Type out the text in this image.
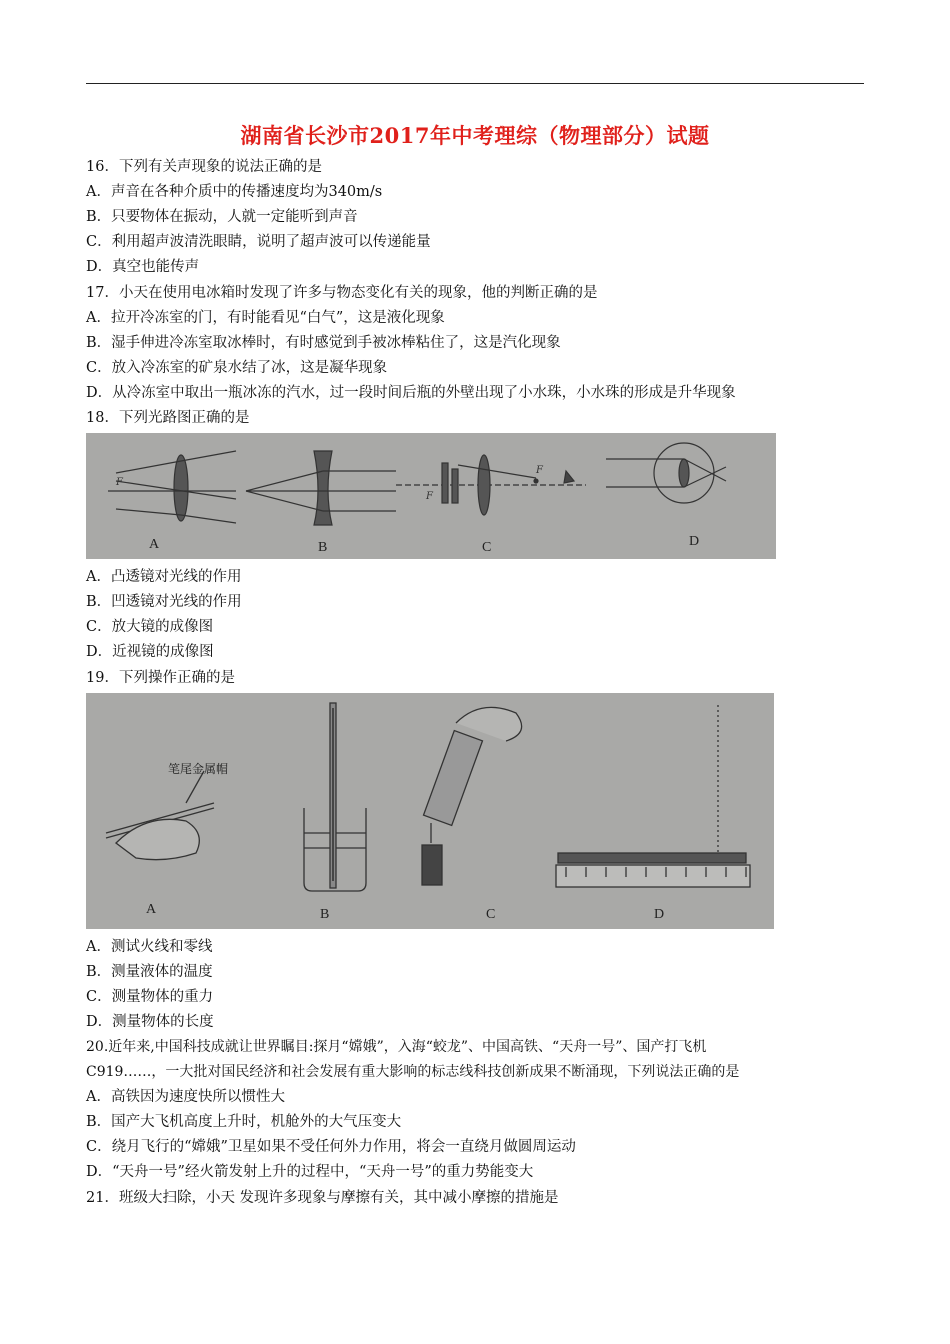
湖南省长沙市2017年中考理综（物理部分）试题
16．下列有关声现象的说法正确的是
A．声音在各种介质中的传播速度均为340m/s
B．只要物体在振动，人就一定能听到声音
C．利用超声波清洗眼睛，说明了超声波可以传递能量
D．真空也能传声
17．小天在使用电冰箱时发现了许多与物态变化有关的现象，他的判断正确的是
A．拉开冷冻室的门，有时能看见“白气”，这是液化现象
B．湿手伸进冷冻室取冰棒时，有时感觉到手被冰棒粘住了，这是汽化现象
C．放入冷冻室的矿泉水结了冰，这是凝华现象
D．从冷冻室中取出一瓶冰冻的汽水，过一段时间后瓶的外壁出现了小水珠，小水珠的形成是升华现象
18．下列光路图正确的是
F
A	B
F
F
C	D
A．凸透镜对光线的作用
B．凹透镜对光线的作用
C．放大镜的成像图
D．近视镜的成像图
19．下列操作正确的是
笔尾金属帽
A	B	C	D
A．测试火线和零线
B．测量液体的温度
C．测量物体的重力
D．测量物体的长度
20.近年来,中国科技成就让世界瞩目:探月“嫦娥”，入海“蛟龙”、中国高铁、“天舟一号”、国产打飞机
C919……，一大批对国民经济和社会发展有重大影响的标志线科技创新成果不断涌现，下列说法正确的是
A．高铁因为速度快所以惯性大
B．国产大飞机高度上升时，机舱外的大气压变大
C．绕月飞行的“嫦娥”卫星如果不受任何外力作用，将会一直绕月做圆周运动
D．“天舟一号”经火箭发射上升的过程中，“天舟一号”的重力势能变大
21．班级大扫除，小天 发现许多现象与摩擦有关，其中减小摩擦的措施是
